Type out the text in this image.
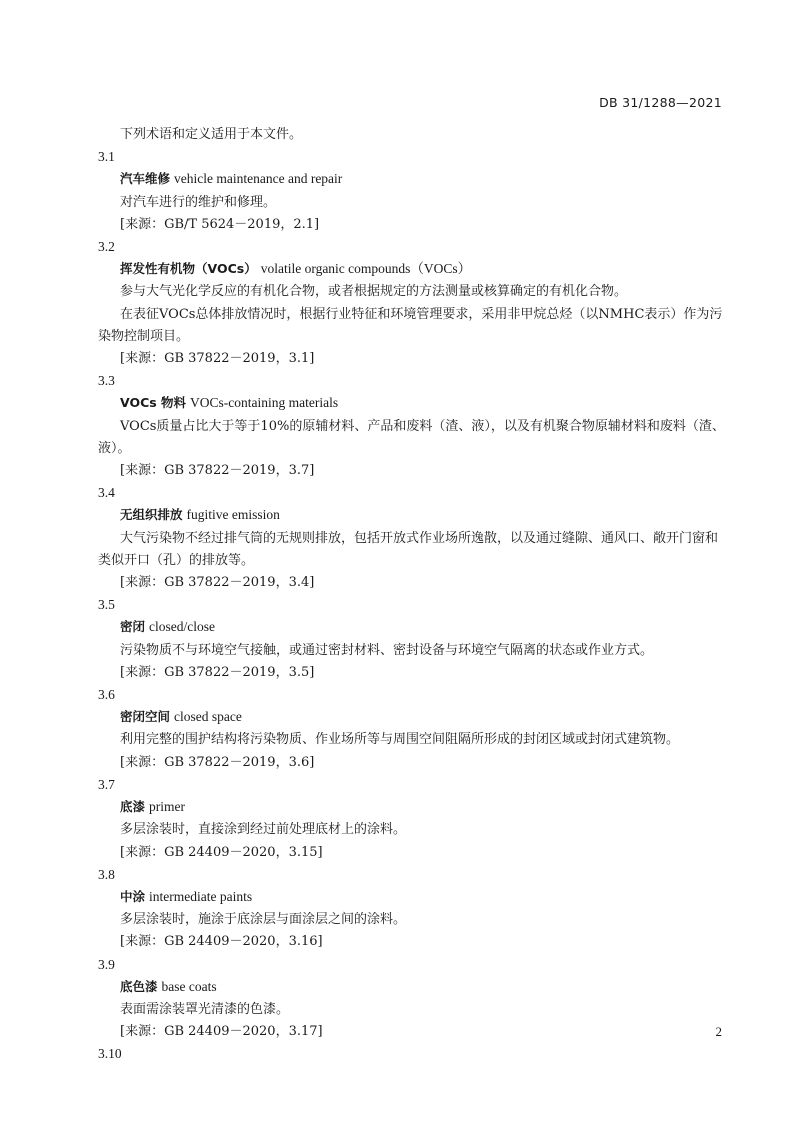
DB 31/1288—2021

下列术语和定义适用于本文件。

3.1

汽车维修 vehicle maintenance and repair

对汽车进行的维护和修理。

[来源：GB/T 5624－2019，2.1]

3.2

挥发性有机物（VOCs） volatile organic compounds（VOCs）

参与大气光化学反应的有机化合物，或者根据规定的方法测量或核算确定的有机化合物。

在表征VOCs总体排放情况时，根据行业特征和环境管理要求，采用非甲烷总烃（以NMHC表示）作为污染物控制项目。

[来源：GB 37822－2019，3.1]

3.3

VOCs 物料 VOCs-containing materials

VOCs质量占比大于等于10%的原辅材料、产品和废料（渣、液），以及有机聚合物原辅材料和废料（渣、液）。

[来源：GB 37822－2019，3.7]

3.4

无组织排放 fugitive emission

大气污染物不经过排气筒的无规则排放，包括开放式作业场所逸散，以及通过缝隙、通风口、敞开门窗和类似开口（孔）的排放等。

[来源：GB 37822－2019，3.4]

3.5

密闭 closed/close

污染物质不与环境空气接触，或通过密封材料、密封设备与环境空气隔离的状态或作业方式。

[来源：GB 37822－2019，3.5]

3.6

密闭空间 closed space

利用完整的围护结构将污染物质、作业场所等与周围空间阻隔所形成的封闭区域或封闭式建筑物。

[来源：GB 37822－2019，3.6]

3.7

底漆 primer

多层涂装时，直接涂到经过前处理底材上的涂料。

[来源：GB 24409－2020，3.15]

3.8

中涂 intermediate paints

多层涂装时，施涂于底涂层与面涂层之间的涂料。

[来源：GB 24409－2020，3.16]

3.9

底色漆 base coats

表面需涂装罩光清漆的色漆。

[来源：GB 24409－2020，3.17]

3.10

2
